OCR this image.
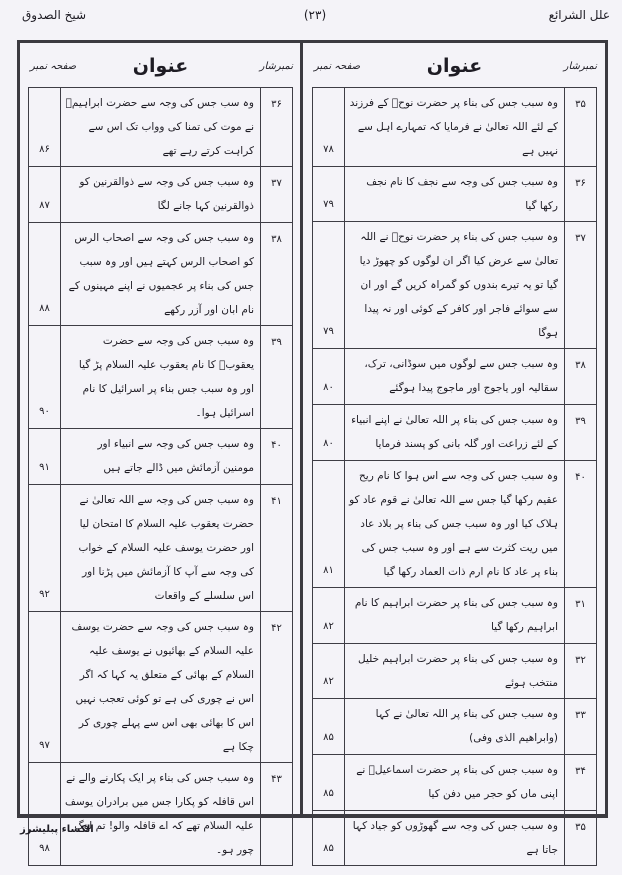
علل الشرائع
(۲۳)
شیخ الصدوق
نمبرشار
عنوان
صفحہ نمبر
۳۵	وہ سبب جس کی بناء پر حضرت نوحؑ کے فرزند کے لئے اللہ تعالیٰ نے فرمایا کہ تمہارے اہل سے نہیں ہے	۷۸
۳۶	وہ سبب جس کی وجہ سے نجف کا نام نجف رکھا گیا	۷۹
۳۷	وہ سبب جس کی بناء پر حضرت نوحؑ نے اللہ تعالیٰ سے عرض کیا اگر ان لوگوں کو چھوڑ دیا گیا تو یہ تیرے بندوں کو گمراہ کریں گے اور ان سے سوائے فاجر اور کافر کے کوئی اور نہ پیدا ہوگا	۷۹
۳۸	وہ سبب جس سے لوگوں میں سوڈانی، ترک، سقالیہ اور یاجوج اور ماجوج پیدا ہوگئے	۸۰
۳۹	وہ سبب جس کی بناء پر اللہ تعالیٰ نے اپنے انبیاء کے لئے زراعت اور گلہ بانی کو پسند فرمایا	۸۰
۴۰	وہ سبب جس کی وجہ سے اس ہوا کا نام ریح عقیم رکھا گیا جس سے اللہ تعالیٰ نے قوم عاد کو ہلاک کیا اور وہ سبب جس کی بناء پر بلاد عاد میں ریت کثرت سے ہے اور وہ سبب جس کی بناء پر عاد کا نام ارم ذات العماد رکھا گیا	۸۱
۳۱	وہ سبب جس کی بناء پر حضرت ابراہیم کا نام ابراہیم رکھا گیا	۸۲
۳۲	وہ سبب جس کی بناء پر حضرت ابراہیم خلیل منتخب ہوئے	۸۲
۳۳	وہ سبب جس کی بناء پر اللہ تعالیٰ نے کہا (وابراھیم الذی وفی)	۸۵
۳۴	وہ سبب جس کی بناء پر حضرت اسماعیلؑ نے اپنی ماں کو حجر میں دفن کیا	۸۵
۳۵	وہ سبب جس کی وجہ سے گھوڑوں کو جیاد کہا جاتا ہے	۸۵
نمبرشار
عنوان
صفحہ نمبر
۳۶	وہ سب جس کی وجہ سے حضرت ابراہیمؑ نے موت کی تمنا کی وواب تک اس سے کراہت کرتے رہے تھے	۸۶
۳۷	وہ سبب جس کی وجہ سے ذوالقرنین کو ذوالقرنین کہا جانے لگا	۸۷
۳۸	وہ سبب جس کی وجہ سے اصحاب الرس کو اصحاب الرس کہتے ہیں اور وہ سبب جس کی بناء پر عجمیوں نے اپنے مہینوں کے نام ابان اور آزر رکھے	۸۸
۳۹	وہ سبب جس کی وجہ سے حضرت یعقوبؑ کا نام یعقوب علیہ السلام پڑ گیا اور وہ سبب جس بناء پر اسرائیل کا نام اسرائیل ہوا۔	۹۰
۴۰	وہ سبب جس کی وجہ سے انبیاء اور مومنین آزمائش میں ڈالے جاتے ہیں	۹۱
۴۱	وہ سبب جس کی وجہ سے اللہ تعالیٰ نے حضرت یعقوب علیہ السلام کا امتحان لیا اور حضرت یوسف علیہ السلام کے خواب کی وجہ سے آپ کا آزمائش میں پڑنا اور اس سلسلے کے واقعات	۹۲
۴۲	وہ سبب جس کی وجہ سے حضرت یوسف علیہ السلام کے بھائیوں نے یوسف علیہ السلام کے بھائی کے متعلق یہ کہا کہ اگر اس نے چوری کی ہے تو کوئی تعجب نہیں اس کا بھائی بھی اس سے پہلے چوری کر چکا ہے	۹۷
۴۳	وہ سبب جس کی بناء پر ایک پکارنے والے نے اس قافلہ کو پکارا جس میں برادران یوسف علیہ السلام تھے کہ اے قافلہ والو! تم لوگ چور ہو۔	۹۸
الکساء پبلیشرز
